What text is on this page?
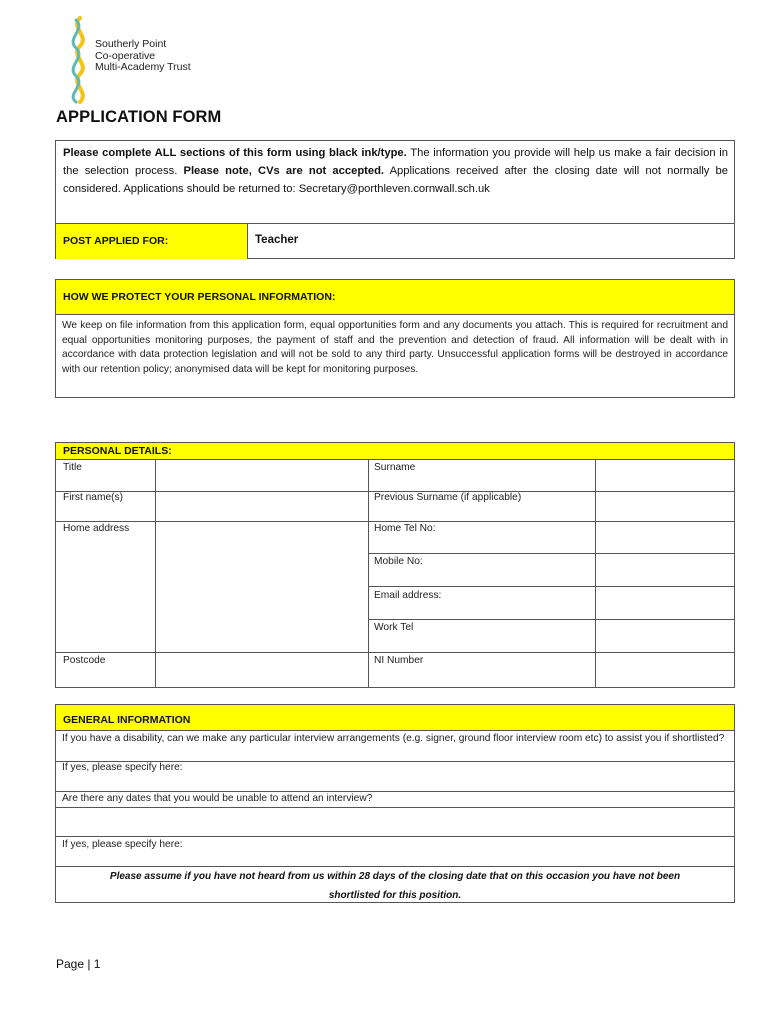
Southerly Point
Co-operative
Multi-Academy Trust
APPLICATION FORM
Please complete ALL sections of this form using black ink/type. The information you provide will help us make a fair decision in the selection process. Please note, CVs are not accepted. Applications received after the closing date will not normally be considered. Applications should be returned to: Secretary@porthleven.cornwall.sch.uk
POST APPLIED FOR:	Teacher
HOW WE PROTECT YOUR PERSONAL INFORMATION:
We keep on file information from this application form, equal opportunities form and any documents you attach. This is required for recruitment and equal opportunities monitoring purposes, the payment of staff and the prevention and detection of fraud. All information will be dealt with in accordance with data protection legislation and will not be sold to any third party. Unsuccessful application forms will be destroyed in accordance with our retention policy; anonymised data will be kept for monitoring purposes.
PERSONAL DETAILS:
Title	Surname
First name(s)	Previous Surname (if applicable)
Home address	Home Tel No:
Mobile No:
Email address:
Work Tel
Postcode	NI Number
GENERAL INFORMATION
If you have a disability, can we make any particular interview arrangements (e.g. signer, ground floor interview room etc) to assist you if shortlisted?
If yes, please specify here:
Are there any dates that you would be unable to attend an interview?
If yes, please specify here:
Please assume if you have not heard from us within 28 days of the closing date that on this occasion you have not been
shortlisted for this position.
Page | 1
